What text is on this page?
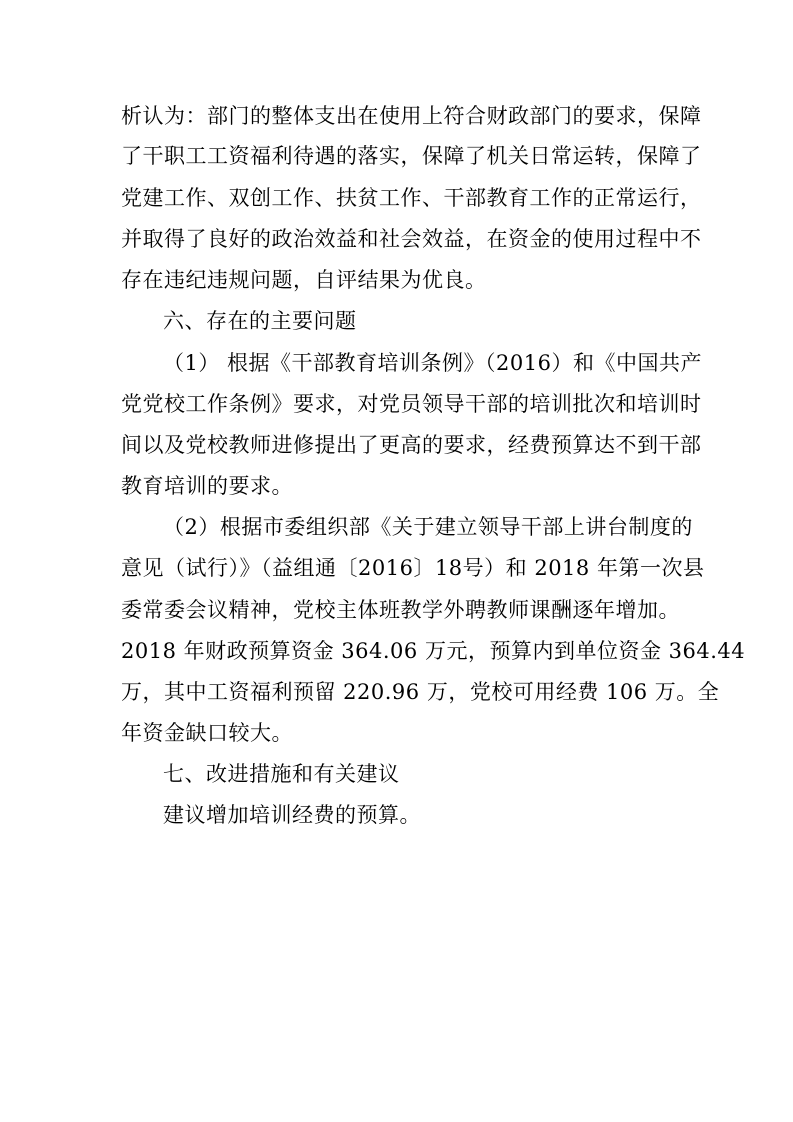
析认为：部门的整体支出在使用上符合财政部门的要求，保障
了干职工工资福利待遇的落实，保障了机关日常运转，保障了
党建工作、双创工作、扶贫工作、干部教育工作的正常运行，
并取得了良好的政治效益和社会效益，在资金的使用过程中不
存在违纪违规问题，自评结果为优良。
六、存在的主要问题
（1） 根据《干部教育培训条例》（2016）和《中国共产
党党校工作条例》要求，对党员领导干部的培训批次和培训时
间以及党校教师进修提出了更高的要求，经费预算达不到干部
教育培训的要求。
（2）根据市委组织部《关于建立领导干部上讲台制度的
意见（试行）》（益组通〔2016〕18号）和 2018 年第一次县
委常委会议精神，党校主体班教学外聘教师课酬逐年增加。
2018 年财政预算资金 364.06 万元，预算内到单位资金 364.44
万，其中工资福利预留 220.96 万，党校可用经费 106 万。全
年资金缺口较大。
七、改进措施和有关建议
建议增加培训经费的预算。
